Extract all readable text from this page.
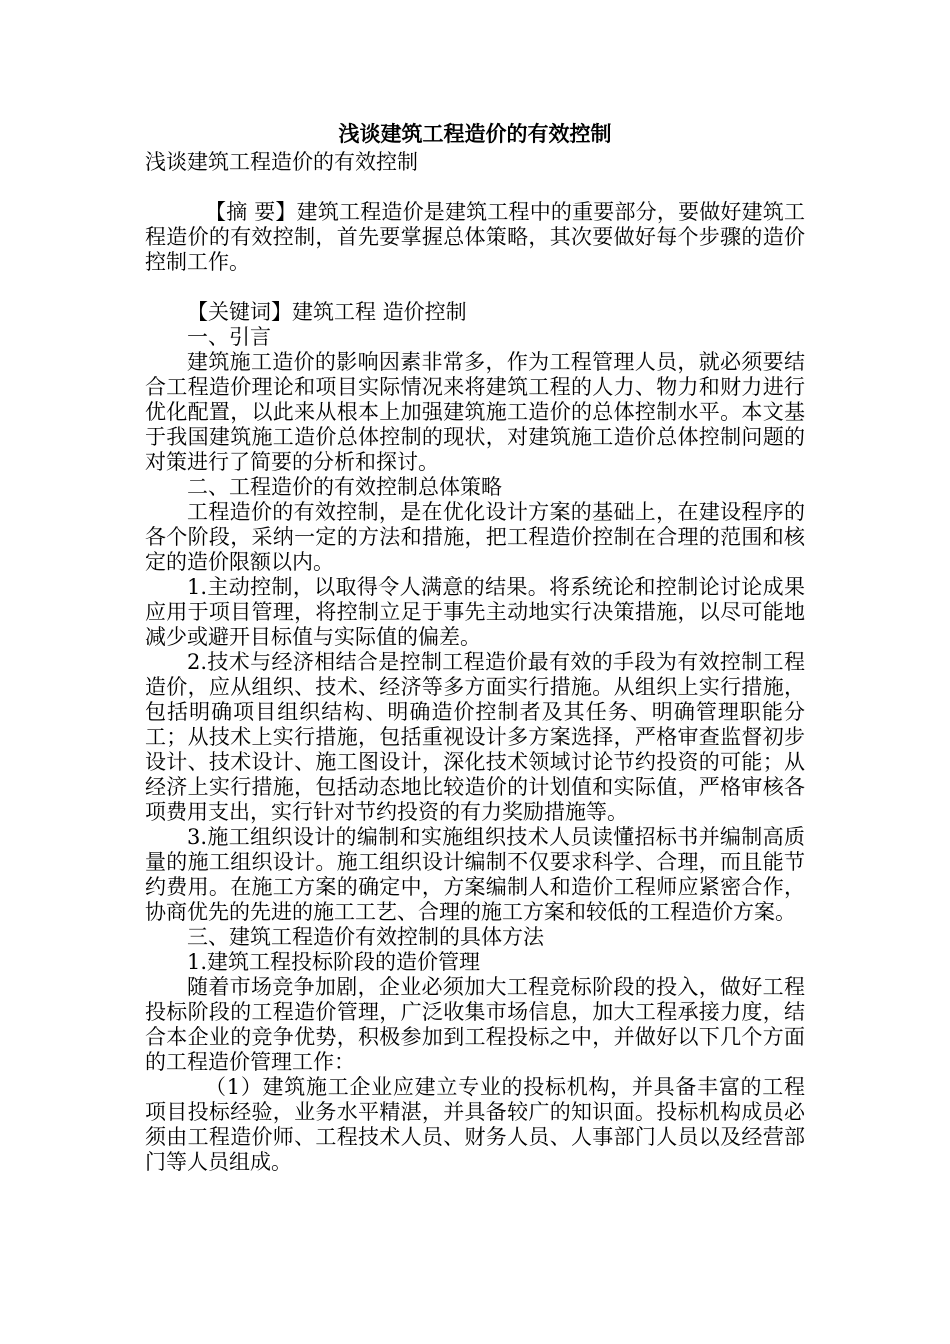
浅谈建筑工程造价的有效控制

浅谈建筑工程造价的有效控制

【摘 要】建筑工程造价是建筑工程中的重要部分，要做好建筑工程造价的有效控制，首先要掌握总体策略，其次要做好每个步骤的造价控制工作。

【关键词】建筑工程 造价控制

一、引言

建筑施工造价的影响因素非常多，作为工程管理人员，就必须要结合工程造价理论和项目实际情况来将建筑工程的人力、物力和财力进行优化配置，以此来从根本上加强建筑施工造价的总体控制水平。本文基于我国建筑施工造价总体控制的现状，对建筑施工造价总体控制问题的对策进行了简要的分析和探讨。

二、工程造价的有效控制总体策略

工程造价的有效控制，是在优化设计方案的基础上，在建设程序的各个阶段，采纳一定的方法和措施，把工程造价控制在合理的范围和核定的造价限额以内。

1.主动控制，以取得令人满意的结果。将系统论和控制论讨论成果应用于项目管理，将控制立足于事先主动地实行决策措施，以尽可能地减少或避开目标值与实际值的偏差。

2.技术与经济相结合是控制工程造价最有效的手段为有效控制工程造价，应从组织、技术、经济等多方面实行措施。从组织上实行措施，包括明确项目组织结构、明确造价控制者及其任务、明确管理职能分工；从技术上实行措施，包括重视设计多方案选择，严格审查监督初步设计、技术设计、施工图设计，深化技术领域讨论节约投资的可能；从经济上实行措施，包括动态地比较造价的计划值和实际值，严格审核各项费用支出，实行针对节约投资的有力奖励措施等。

3.施工组织设计的编制和实施组织技术人员读懂招标书并编制高质量的施工组织设计。施工组织设计编制不仅要求科学、合理，而且能节约费用。在施工方案的确定中，方案编制人和造价工程师应紧密合作，协商优先的先进的施工工艺、合理的施工方案和较低的工程造价方案。

三、建筑工程造价有效控制的具体方法

1.建筑工程投标阶段的造价管理

随着市场竞争加剧，企业必须加大工程竞标阶段的投入，做好工程投标阶段的工程造价管理，广泛收集市场信息，加大工程承接力度，结合本企业的竞争优势，积极参加到工程投标之中，并做好以下几个方面的工程造价管理工作：

（1）建筑施工企业应建立专业的投标机构，并具备丰富的工程项目投标经验，业务水平精湛，并具备较广的知识面。投标机构成员必须由工程造价师、工程技术人员、财务人员、人事部门人员以及经营部门等人员组成。
